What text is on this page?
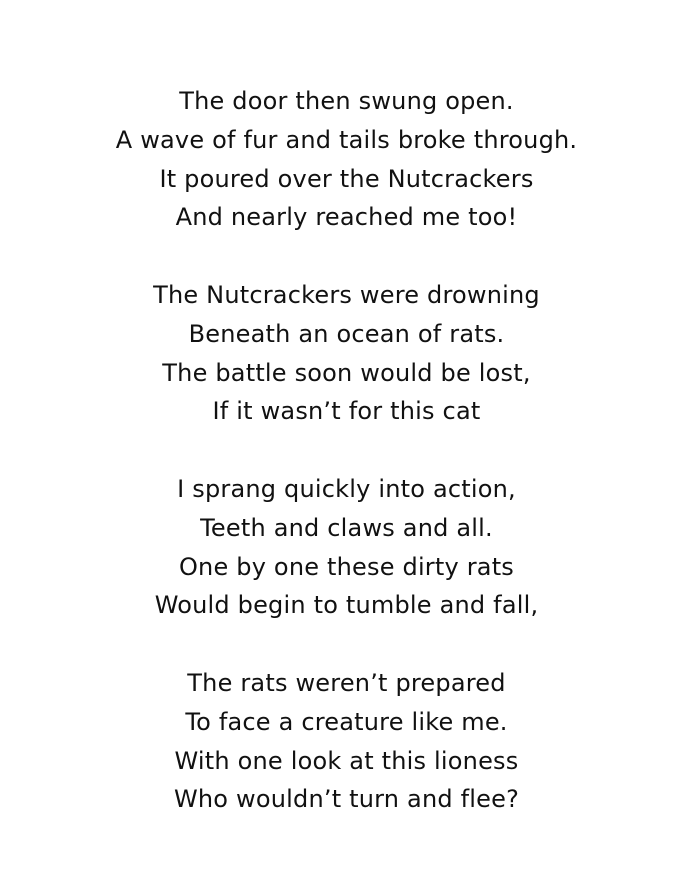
The door then swung open.
A wave of fur and tails broke through.
It poured over the Nutcrackers
And nearly reached me too!
The Nutcrackers were drowning
Beneath an ocean of rats.
The battle soon would be lost,
If it wasn’t for this cat
I sprang quickly into action,
Teeth and claws and all.
One by one these dirty rats
Would begin to tumble and fall,
The rats weren’t prepared
To face a creature like me.
With one look at this lioness
Who wouldn’t turn and flee?
